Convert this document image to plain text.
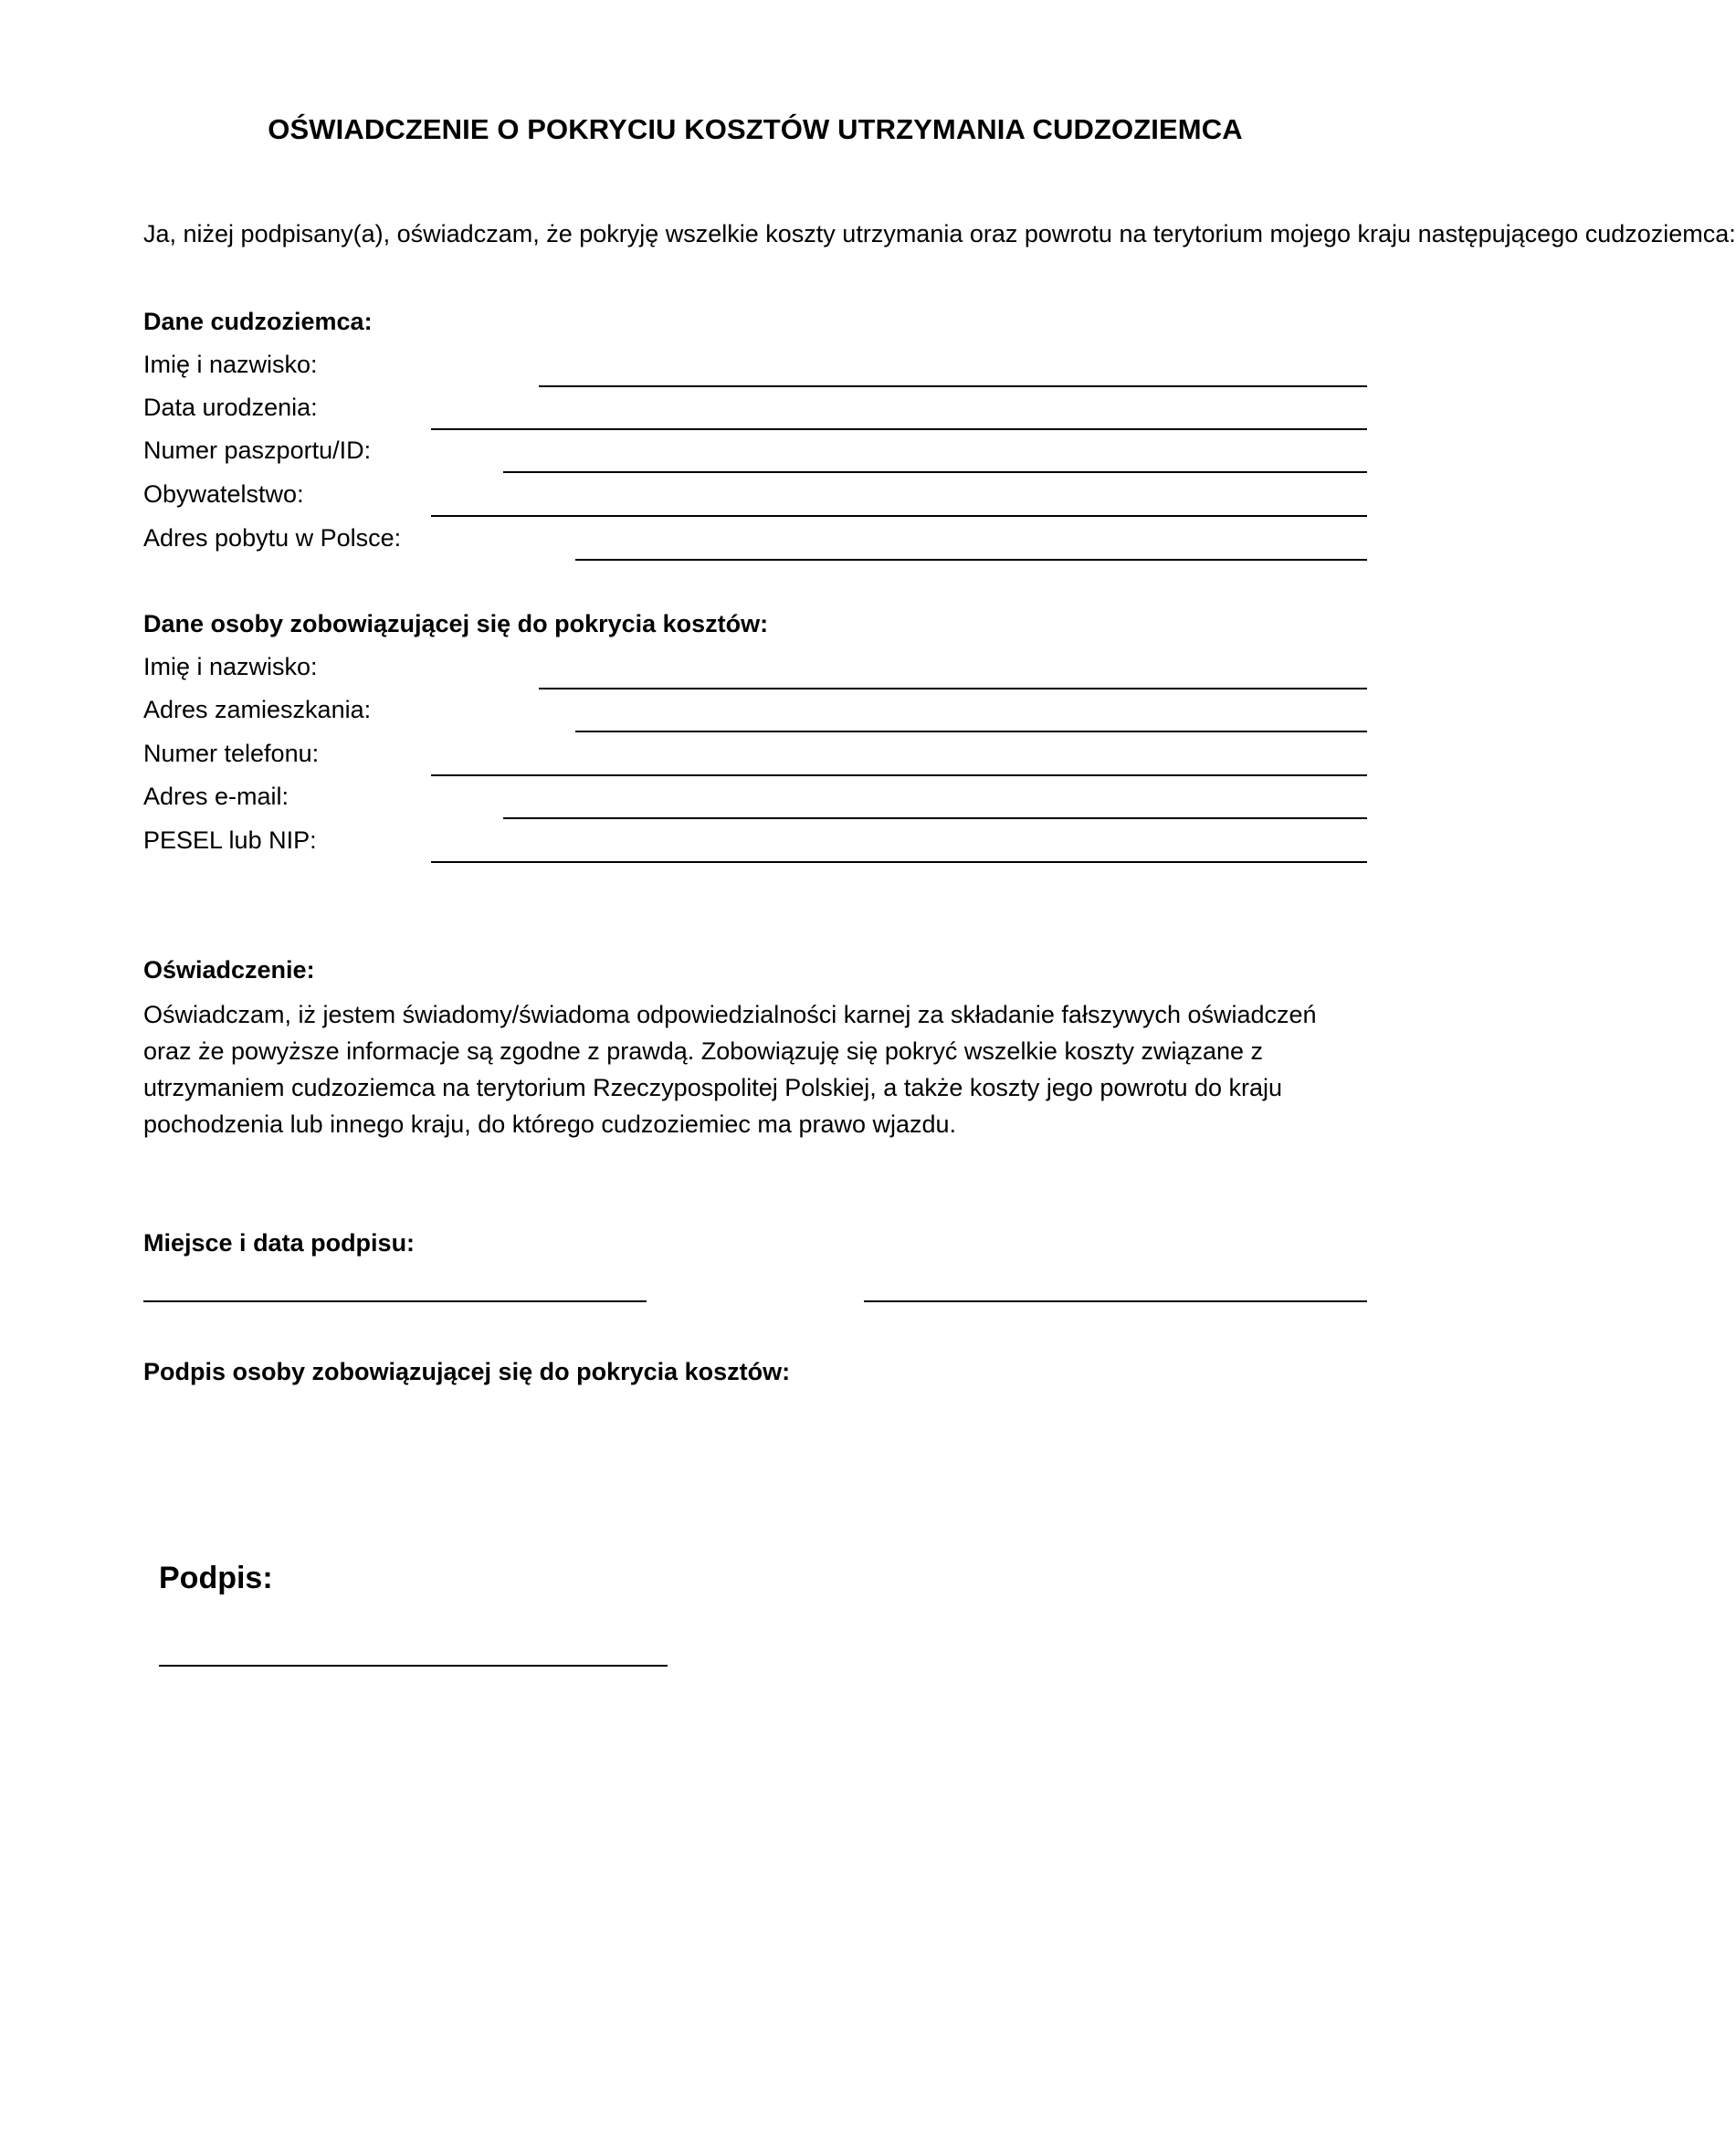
OŚWIADCZENIE O POKRYCIU KOSZTÓW UTRZYMANIA CUDZOZIEMCA
Ja, niżej podpisany(a), oświadczam, że pokryję wszelkie koszty utrzymania oraz powrotu na terytorium mojego kraju następującego cudzoziemca:
Dane cudzoziemca:
Imię i nazwisko:
Data urodzenia:
Numer paszportu/ID:
Obywatelstwo:
Adres pobytu w Polsce:
Dane osoby zobowiązującej się do pokrycia kosztów:
Imię i nazwisko:
Adres zamieszkania:
Numer telefonu:
Adres e-mail:
PESEL lub NIP:
Oświadczenie:
Oświadczam, iż jestem świadomy/świadoma odpowiedzialności karnej za składanie fałszywych oświadczeń
oraz że powyższe informacje są zgodne z prawdą. Zobowiązuję się pokryć wszelkie koszty związane z
utrzymaniem cudzoziemca na terytorium Rzeczypospolitej Polskiej, a także koszty jego powrotu do kraju
pochodzenia lub innego kraju, do którego cudzoziemiec ma prawo wjazdu.
Miejsce i data podpisu:
Podpis osoby zobowiązującej się do pokrycia kosztów:
Podpis:
